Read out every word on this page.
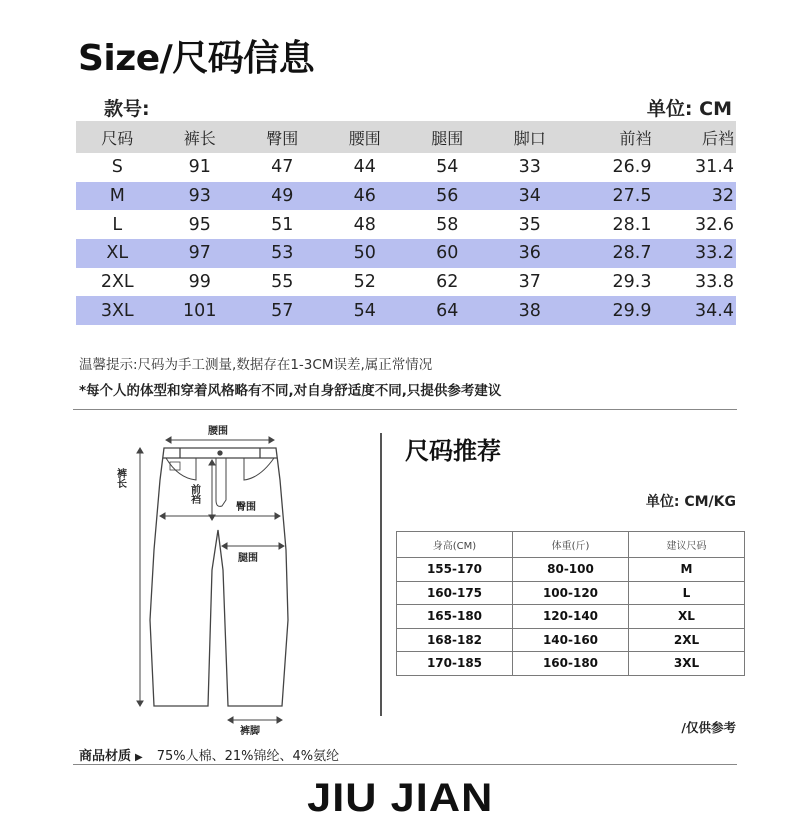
Size/尺码信息
款号:	单位: CM
尺码	裤长	臀围	腰围	腿围	脚口	前裆	后裆
S	91	47	44	54	33	26.9	31.4
M	93	49	46	56	34	27.5	32
L	95	51	48	58	35	28.1	32.6
XL	97	53	50	60	36	28.7	33.2
2XL	99	55	52	62	37	29.3	33.8
3XL	101	57	54	64	38	29.9	34.4
温馨提示:尺码为手工测量,数据存在1-3CM误差,属正常情况
*每个人的体型和穿着风格略有不同,对自身舒适度不同,只提供参考建议
腰围
裤长
前裆
臀围
腿围
裤脚
尺码推荐
单位: CM/KG
身高(CM)	体重(斤)	建议尺码
155-170	80-100	M
160-175	100-120	L
165-180	120-140	XL
168-182	140-160	2XL
170-185	160-180	3XL
/仅供参考
商品材质 ▶ 75%人棉、21%锦纶、4%氨纶
JIU JIAN
